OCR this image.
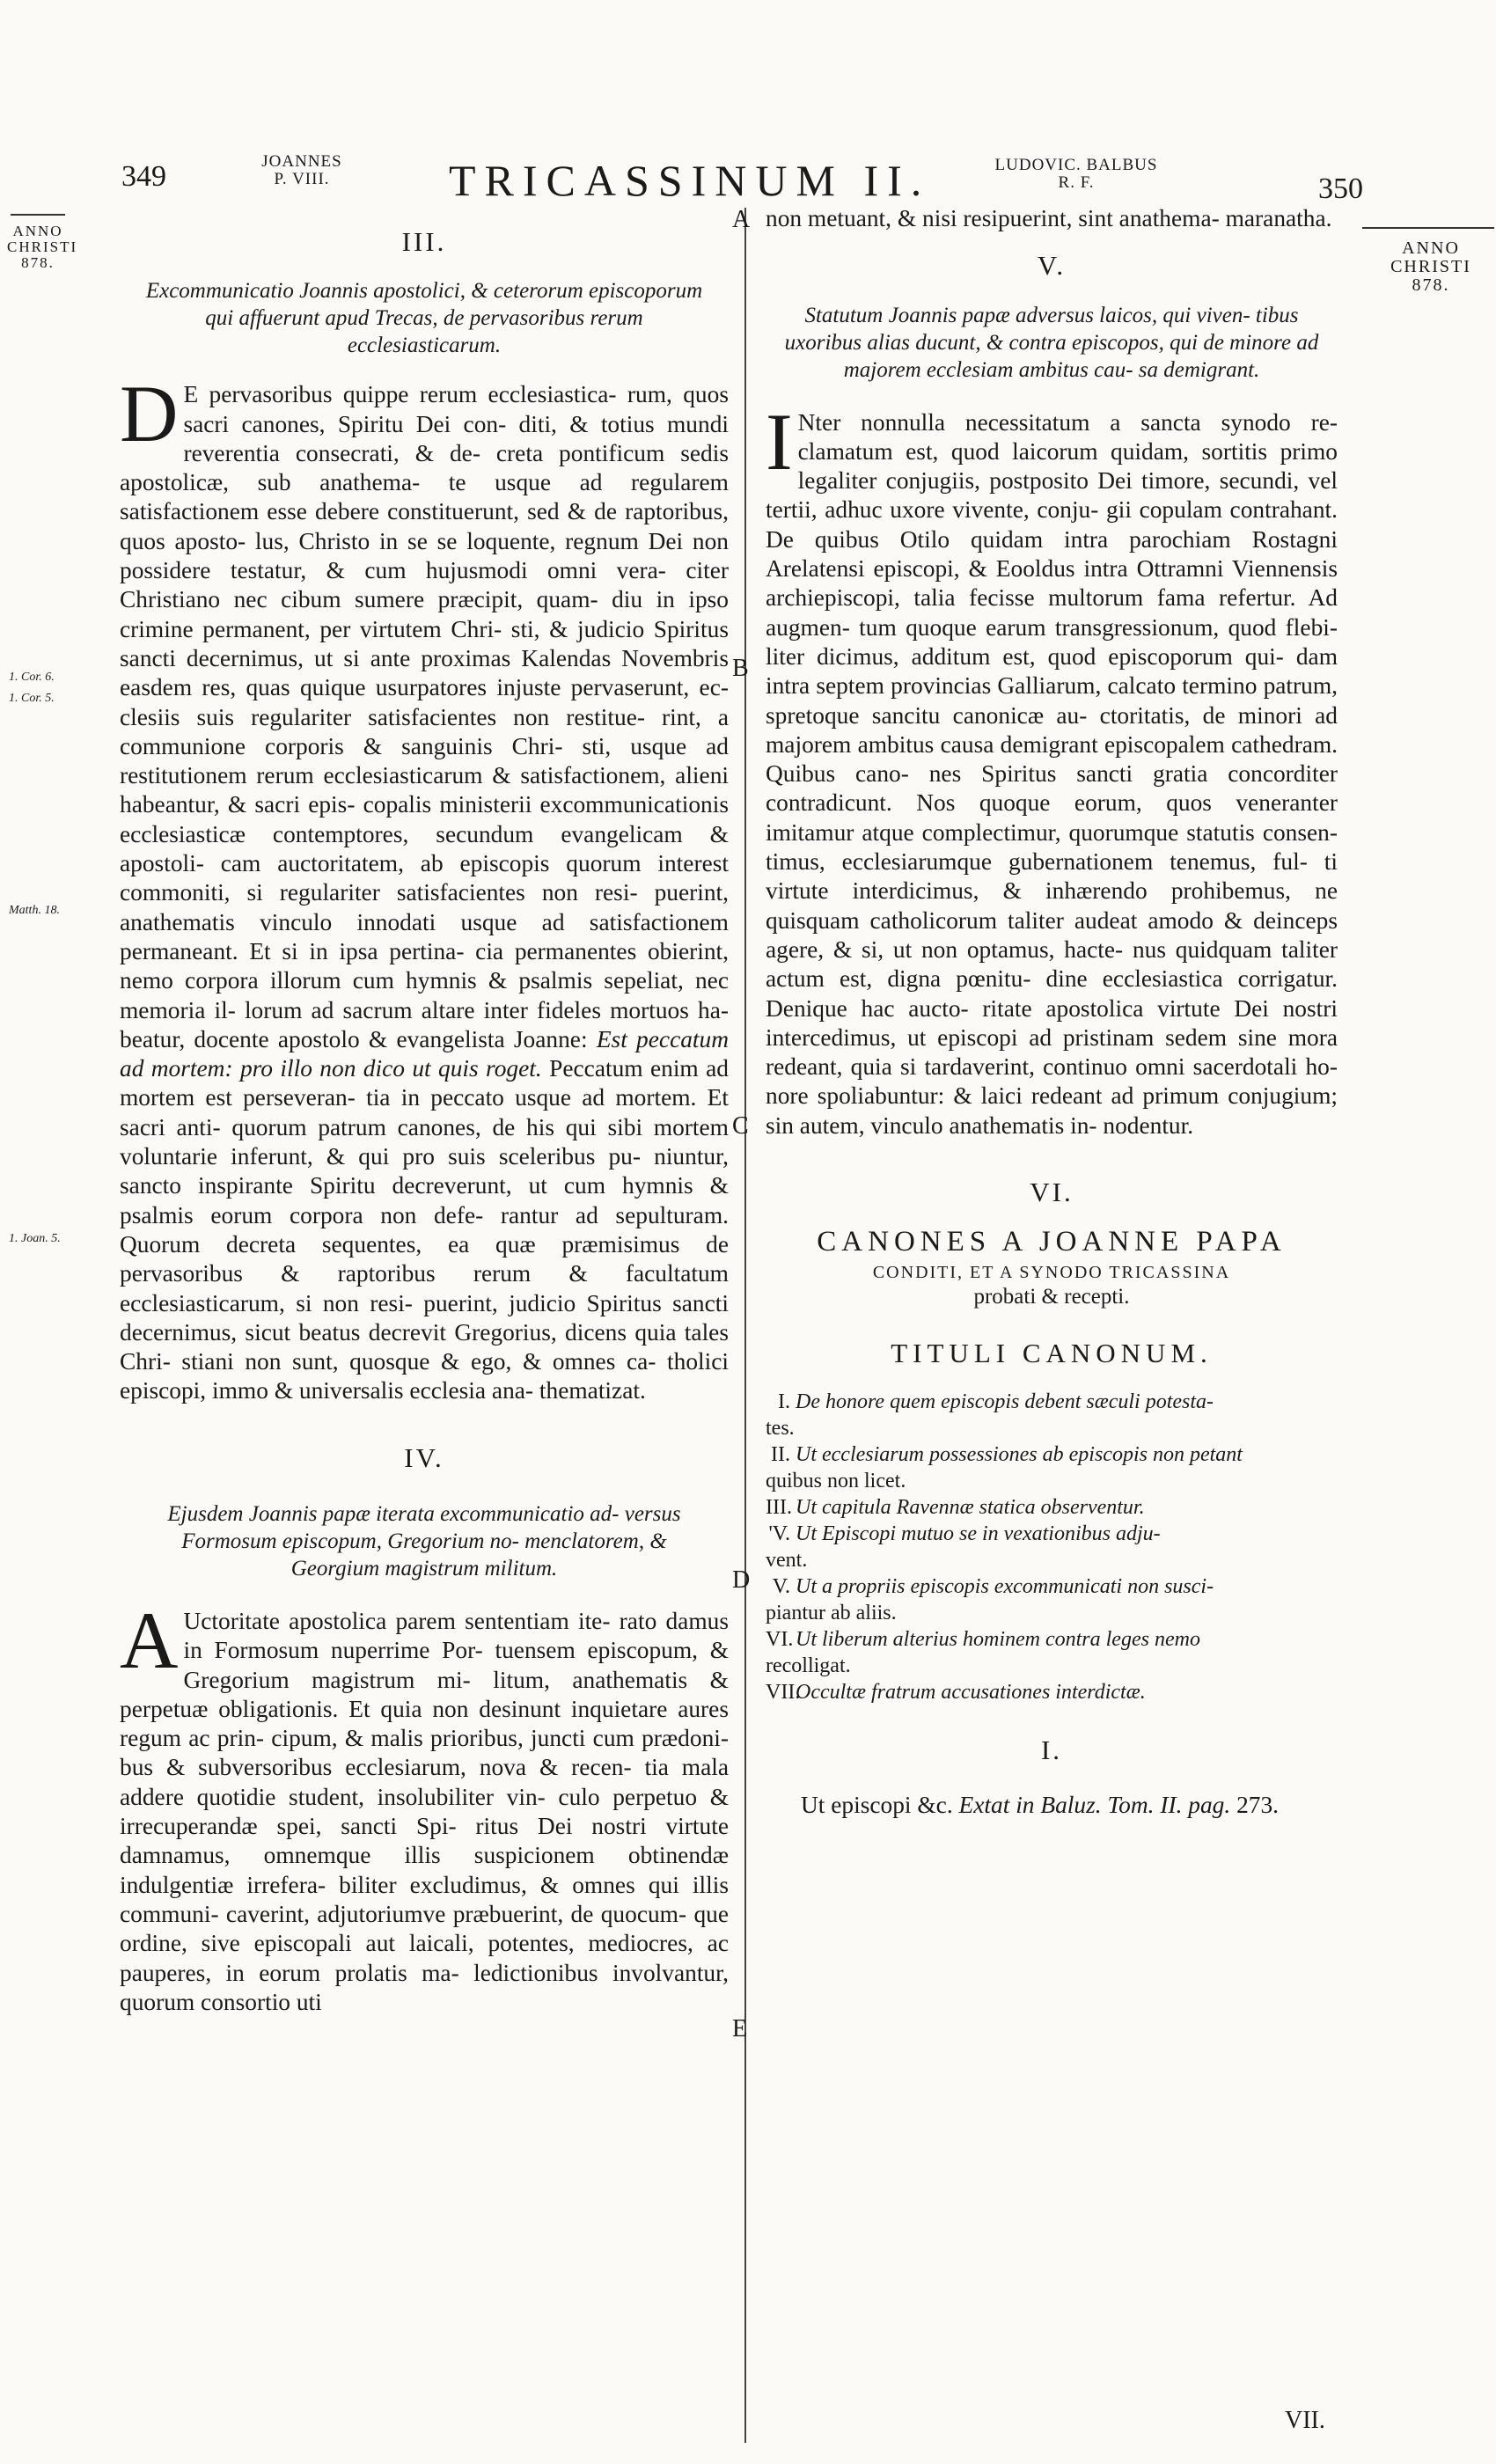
349	JOANNES
P. VIII.	TRICASSINUM II.	LUDOVIC. BALBUS
R. F.	350
ANNO
CHRISTI
878.
ANNO
CHRISTI
878.
1. Cor. 6.
1. Cor. 5.
Matth. 18.
1. Joan. 5.
A
B
C
D
E

III.

Excommunicatio Joannis apostolici, & ceterorum episcoporum qui affuerunt apud Trecas, de pervasoribus rerum ecclesiasticarum.

D E pervasoribus quippe rerum ecclesiastica- rum, quos sacri canones, Spiritu Dei con- diti, & totius mundi reverentia consecrati, & de- creta pontificum sedis apostolicæ, sub anathema- te usque ad regularem satisfactionem esse debere constituerunt, sed & de raptoribus, quos aposto- lus, Christo in se se loquente, regnum Dei non possidere testatur, & cum hujusmodi omni vera- citer Christiano nec cibum sumere præcipit, quam- diu in ipso crimine permanent, per virtutem Chri- sti, & judicio Spiritus sancti decernimus, ut si ante proximas Kalendas Novembris easdem res, quas quique usurpatores injuste pervaserunt, ec- clesiis suis regulariter satisfacientes non restitue- rint, a communione corporis & sanguinis Chri- sti, usque ad restitutionem rerum ecclesiasticarum & satisfactionem, alieni habeantur, & sacri epis- copalis ministerii excommunicationis ecclesiasticæ contemptores, secundum evangelicam & apostoli- cam auctoritatem, ab episcopis quorum interest commoniti, si regulariter satisfacientes non resi- puerint, anathematis vinculo innodati usque ad satisfactionem permaneant. Et si in ipsa pertina- cia permanentes obierint, nemo corpora illorum cum hymnis & psalmis sepeliat, nec memoria il- lorum ad sacrum altare inter fideles mortuos ha- beatur, docente apostolo & evangelista Joanne: Est peccatum ad mortem: pro illo non dico ut quis roget. Peccatum enim ad mortem est perseveran- tia in peccato usque ad mortem. Et sacri anti- quorum patrum canones, de his qui sibi mortem voluntarie inferunt, & qui pro suis sceleribus pu- niuntur, sancto inspirante Spiritu decreverunt, ut cum hymnis & psalmis eorum corpora non defe- rantur ad sepulturam. Quorum decreta sequentes, ea quæ præmisimus de pervasoribus & raptoribus rerum & facultatum ecclesiasticarum, si non resi- puerint, judicio Spiritus sancti decernimus, sicut beatus decrevit Gregorius, dicens quia tales Chri- stiani non sunt, quosque & ego, & omnes ca- tholici episcopi, immo & universalis ecclesia ana- thematizat.

IV.

Ejusdem Joannis papæ iterata excommunicatio ad- versus Formosum episcopum, Gregorium no- menclatorem, & Georgium magistrum militum.

A Uctoritate apostolica parem sententiam ite- rato damus in Formosum nuperrime Por- tuensem episcopum, & Gregorium magistrum mi- litum, anathematis & perpetuæ obligationis. Et quia non desinunt inquietare aures regum ac prin- cipum, & malis prioribus, juncti cum prædoni- bus & subversoribus ecclesiarum, nova & recen- tia mala addere quotidie student, insolubiliter vin- culo perpetuo & irrecuperandæ spei, sancti Spi- ritus Dei nostri virtute damnamus, omnemque illis suspicionem obtinendæ indulgentiæ irrefera- biliter excludimus, & omnes qui illis communi- caverint, adjutoriumve præbuerint, de quocum- que ordine, sive episcopali aut laicali, potentes, mediocres, ac pauperes, in eorum prolatis ma- ledictionibus involvantur, quorum consortio uti

non metuant, & nisi resipuerint, sint anathema- maranatha.

V.

Statutum Joannis papæ adversus laicos, qui viven- tibus uxoribus alias ducunt, & contra episcopos, qui de minore ad majorem ecclesiam ambitus cau- sa demigrant.

I Nter nonnulla necessitatum a sancta synodo re- clamatum est, quod laicorum quidam, sortitis primo legaliter conjugiis, postposito Dei timore, secundi, vel tertii, adhuc uxore vivente, conju- gii copulam contrahant. De quibus Otilo quidam intra parochiam Rostagni Arelatensi episcopi, & Eooldus intra Ottramni Viennensis archiepiscopi, talia fecisse multorum fama refertur. Ad augmen- tum quoque earum transgressionum, quod flebi- liter dicimus, additum est, quod episcoporum qui- dam intra septem provincias Galliarum, calcato termino patrum, spretoque sancitu canonicæ au- ctoritatis, de minori ad majorem ambitus causa demigrant episcopalem cathedram. Quibus cano- nes Spiritus sancti gratia concorditer contradicunt. Nos quoque eorum, quos veneranter imitamur atque complectimur, quorumque statutis consen- timus, ecclesiarumque gubernationem tenemus, ful- ti virtute interdicimus, & inhærendo prohibemus, ne quisquam catholicorum taliter audeat amodo & deinceps agere, & si, ut non optamus, hacte- nus quidquam taliter actum est, digna pœnitu- dine ecclesiastica corrigatur. Denique hac aucto- ritate apostolica virtute Dei nostri intercedimus, ut episcopi ad pristinam sedem sine mora redeant, quia si tardaverint, continuo omni sacerdotali ho- nore spoliabuntur: & laici redeant ad primum conjugium; sin autem, vinculo anathematis in- nodentur.

VI.

CANONES A JOANNE PAPA

CONDITI, ET A SYNODO TRICASSINA

probati & recepti.

TITULI CANONUM.

I. De honore quem episcopis debent sæculi potesta-

tes.

II. Ut ecclesiarum possessiones ab episcopis non petant

quibus non licet.

III. Ut capitula Ravennæ statica observentur.

'V. Ut Episcopi mutuo se in vexationibus adju-

vent.

V. Ut a propriis episcopis excommunicati non susci-

piantur ab aliis.

VI. Ut liberum alterius hominem contra leges nemo

recolligat.

VII.Occultæ fratrum accusationes interdictæ.

I.

Ut episcopi &c. Extat in Baluz. Tom. II. pag. 273.

VII.
